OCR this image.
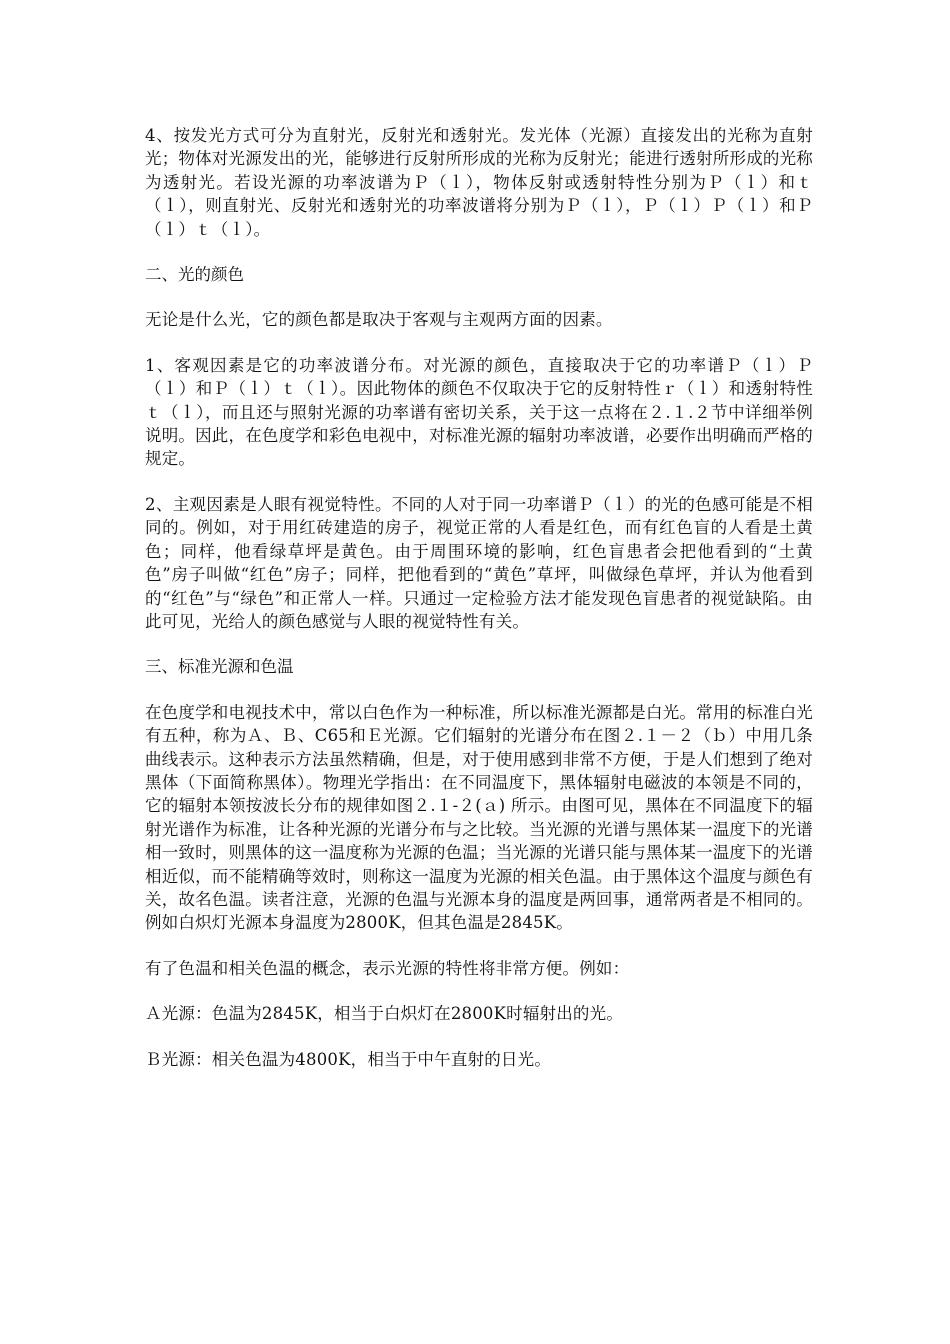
4、按发光方式可分为直射光，反射光和透射光。发光体（光源）直接发出的光称为直射光；物体对光源发出的光，能够进行反射所形成的光称为反射光；能进行透射所形成的光称为透射光。若设光源的功率波谱为Ｐ（ｌ），物体反射或透射特性分别为Ｐ（ｌ）和ｔ（ｌ），则直射光、反射光和透射光的功率波谱将分别为Ｐ（ｌ），Ｐ（ｌ）Ｐ（ｌ）和Ｐ（ｌ）ｔ（ｌ）。

二、光的颜色

无论是什么光，它的颜色都是取决于客观与主观两方面的因素。

1、客观因素是它的功率波谱分布。对光源的颜色，直接取决于它的功率谱Ｐ（ｌ）Ｐ（ｌ）和Ｐ（ｌ）ｔ（ｌ）。因此物体的颜色不仅取决于它的反射特性ｒ（ｌ）和透射特性ｔ（ｌ），而且还与照射光源的功率谱有密切关系，关于这一点将在２.１.２节中详细举例说明。因此，在色度学和彩色电视中，对标准光源的辐射功率波谱，必要作出明确而严格的规定。

2、主观因素是人眼有视觉特性。不同的人对于同一功率谱Ｐ（ｌ）的光的色感可能是不相同的。例如，对于用红砖建造的房子，视觉正常的人看是红色，而有红色盲的人看是土黄色；同样，他看绿草坪是黄色。由于周围环境的影响，红色盲患者会把他看到的“土黄色”房子叫做“红色”房子；同样，把他看到的“黄色”草坪，叫做绿色草坪，并认为他看到的“红色”与“绿色”和正常人一样。只通过一定检验方法才能发现色盲患者的视觉缺陷。由此可见，光给人的颜色感觉与人眼的视觉特性有关。

三、标准光源和色温

在色度学和电视技术中，常以白色作为一种标准，所以标准光源都是白光。常用的标准白光有五种，称为Ａ、Ｂ、C65和Ｅ光源。它们辐射的光谱分布在图２.１－２（ｂ）中用几条曲线表示。这种表示方法虽然精确，但是，对于使用感到非常不方便，于是人们想到了绝对黑体（下面简称黑体）。物理光学指出：在不同温度下，黑体辐射电磁波的本领是不同的，它的辐射本领按波长分布的规律如图２.１-２(ａ) 所示。由图可见，黑体在不同温度下的辐射光谱作为标准，让各种光源的光谱分布与之比较。当光源的光谱与黑体某一温度下的光谱相一致时，则黑体的这一温度称为光源的色温；当光源的光谱只能与黑体某一温度下的光谱相近似，而不能精确等效时，则称这一温度为光源的相关色温。由于黑体这个温度与颜色有关，故名色温。读者注意，光源的色温与光源本身的温度是两回事，通常两者是不相同的。例如白炽灯光源本身温度为2800K，但其色温是2845K。

有了色温和相关色温的概念，表示光源的特性将非常方便。例如：

Ａ光源：色温为2845K，相当于白炽灯在2800K时辐射出的光。

Ｂ光源：相关色温为4800K，相当于中午直射的日光。
